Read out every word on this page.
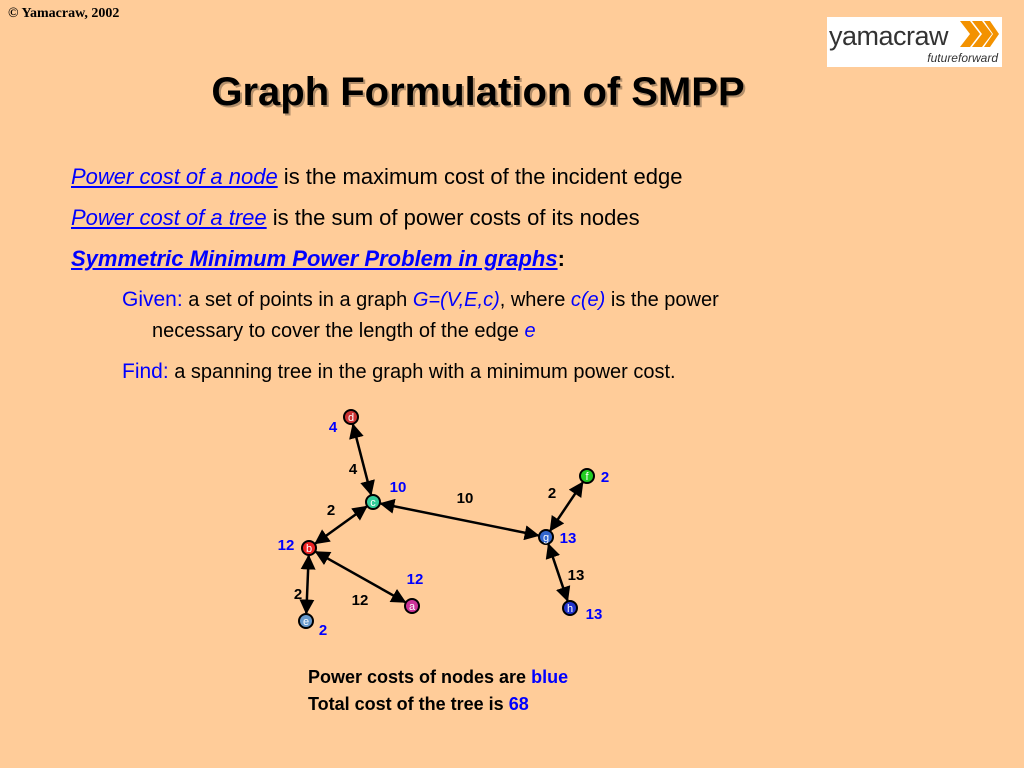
© Yamacraw, 2002
yamacraw
futureforward
Graph Formulation of SMPP
Power cost of a node is the maximum cost of the incident edge
Power cost of a tree is the sum of power costs of its nodes
Symmetric Minimum Power Problem in graphs:
Given: a set of points in a graph G=(V,E,c), where c(e) is the power
necessary to cover the length of the edge e
Find: a spanning tree in the graph with a minimum power cost.
4
10
2
2	12
2
13
d
4
c
10
b
12
e 2
a
12
f 2
g 13
h 13
Power costs of nodes are blue
Total cost of the tree is 68
